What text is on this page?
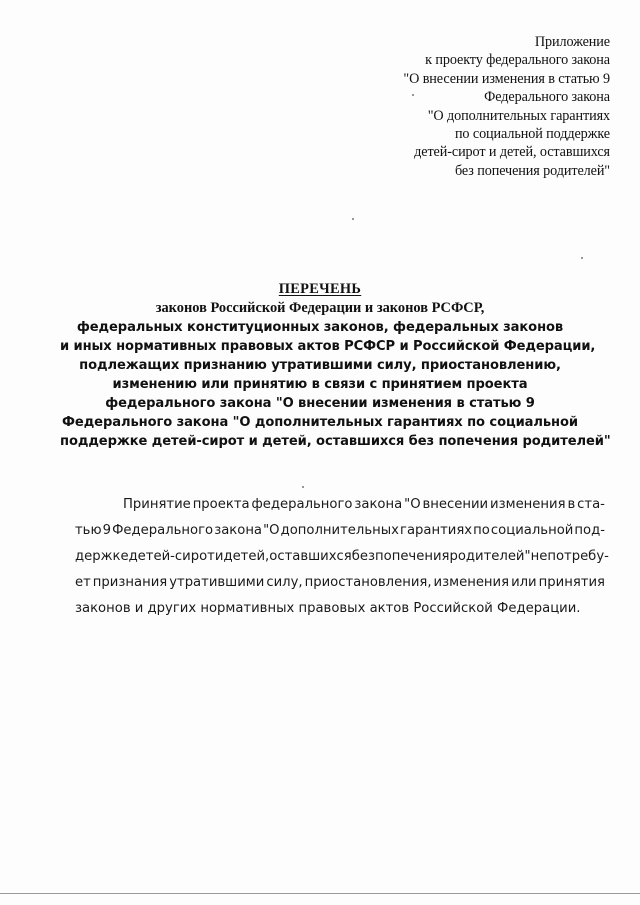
Приложение
к проекту федерального закона
"О внесении изменения в статью 9
Федерального закона
"О дополнительных гарантиях
по социальной поддержке
детей-сирот и детей, оставшихся
без попечения родителей"
ПЕРЕЧЕНЬ
законов Российской Федерации и законов РСФСР,
федеральных конституционных законов, федеральных законов
и иных нормативных правовых актов РСФСР и Российской Федерации,
подлежащих признанию утратившими силу, приостановлению,
изменению или принятию в связи с принятием проекта
федерального закона "О внесении изменения в статью 9
Федерального закона "О дополнительных гарантиях по социальной
поддержке детей-сирот и детей, оставшихся без попечения родителей"
Принятие проекта федерального закона "О внесении изменения в ста-
тью 9 Федерального закона "О дополнительных гарантиях по социальной под-
держке детей-сирот и детей, оставшихся без попечения родителей" не потребу-
ет признания утратившими силу, приостановления, изменения или принятия
законов и других нормативных правовых актов Российской Федерации.
